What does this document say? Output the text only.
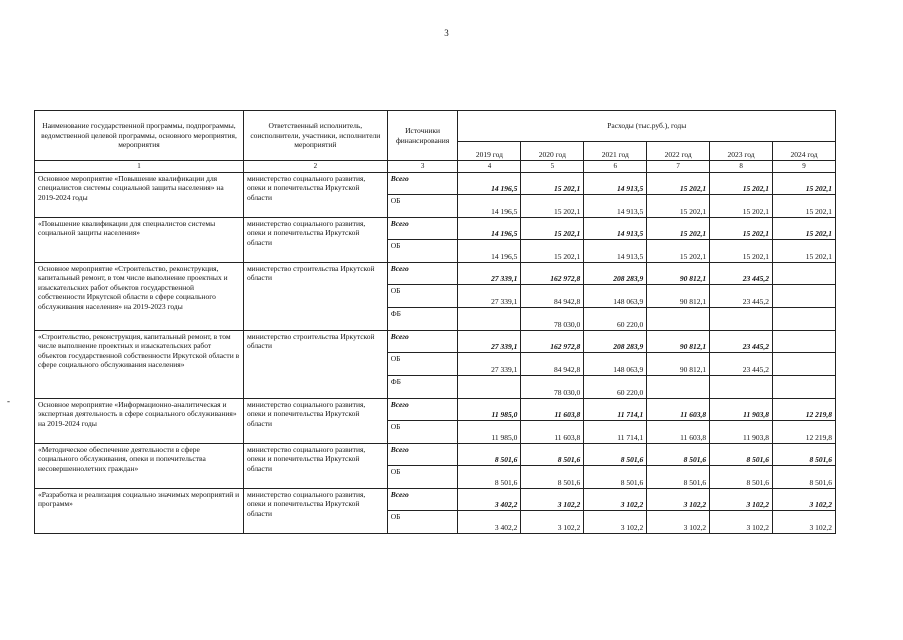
3
-
Наименование государственной программы, подпрограммы, ведомственной целевой программы, основного мероприятия, мероприятия	Ответственный исполнитель, соисполнители, участники, исполнители мероприятий	Источники финансирования	Расходы (тыс.руб.), годы					
			2019 год	2020 год	2021 год	2022 год	2023 год	2024 год
1	2	3	4	5	6	7	8	9
Основное мероприятие «Повышение квалификации для специалистов системы социальной защиты населения» на 2019-2024 годы	министерство социального развития, опеки и попечительства Иркутской области	Всего	14 196,5	15 202,1	14 913,5	15 202,1	15 202,1	15 202,1
		ОБ	14 196,5	15 202,1	14 913,5	15 202,1	15 202,1	15 202,1
«Повышение квалификации для специалистов системы социальной защиты населения»	министерство социального развития, опеки и попечительства Иркутской области	Всего	14 196,5	15 202,1	14 913,5	15 202,1	15 202,1	15 202,1
		ОБ	14 196,5	15 202,1	14 913,5	15 202,1	15 202,1	15 202,1
Основное мероприятие «Строительство, реконструкция, капитальный ремонт, в том числе выполнение проектных и изыскательских работ объектов государственной собственности Иркутской области в сфере социального обслуживания населения» на 2019-2023 годы	министерство строительства Иркутской области	Всего	27 339,1	162 972,8	208 283,9	90 812,1	23 445,2	
		ОБ	27 339,1	84 942,8	148 063,9	90 812,1	23 445,2	
		ФБ		78 030,0	60 220,0			
«Строительство, реконструкция, капитальный ремонт, в том числе выполнение проектных и изыскательских работ объектов государственной собственности Иркутской области в сфере социального обслуживания населения»	министерство строительства Иркутской области	Всего	27 339,1	162 972,8	208 283,9	90 812,1	23 445,2	
		ОБ	27 339,1	84 942,8	148 063,9	90 812,1	23 445,2	
		ФБ		78 030,0	60 220,0			
Основное мероприятие «Информационно-аналитическая и экспертная деятельность в сфере социального обслуживания» на 2019-2024 годы	министерство социального развития, опеки и попечительства Иркутской области	Всего	11 985,0	11 603,8	11 714,1	11 603,8	11 903,8	12 219,8
		ОБ	11 985,0	11 603,8	11 714,1	11 603,8	11 903,8	12 219,8
«Методическое обеспечение деятельности в сфере социального обслуживания, опеки и попечительства несовершеннолетних граждан»	министерство социального развития, опеки и попечительства Иркутской области	Всего	8 501,6	8 501,6	8 501,6	8 501,6	8 501,6	8 501,6
		ОБ	8 501,6	8 501,6	8 501,6	8 501,6	8 501,6	8 501,6
«Разработка и реализация социально значимых мероприятий и программ»	министерство социального развития, опеки и попечительства Иркутской области	Всего	3 402,2	3 102,2	3 102,2	3 102,2	3 102,2	3 102,2
		ОБ	3 402,2	3 102,2	3 102,2	3 102,2	3 102,2	3 102,2
